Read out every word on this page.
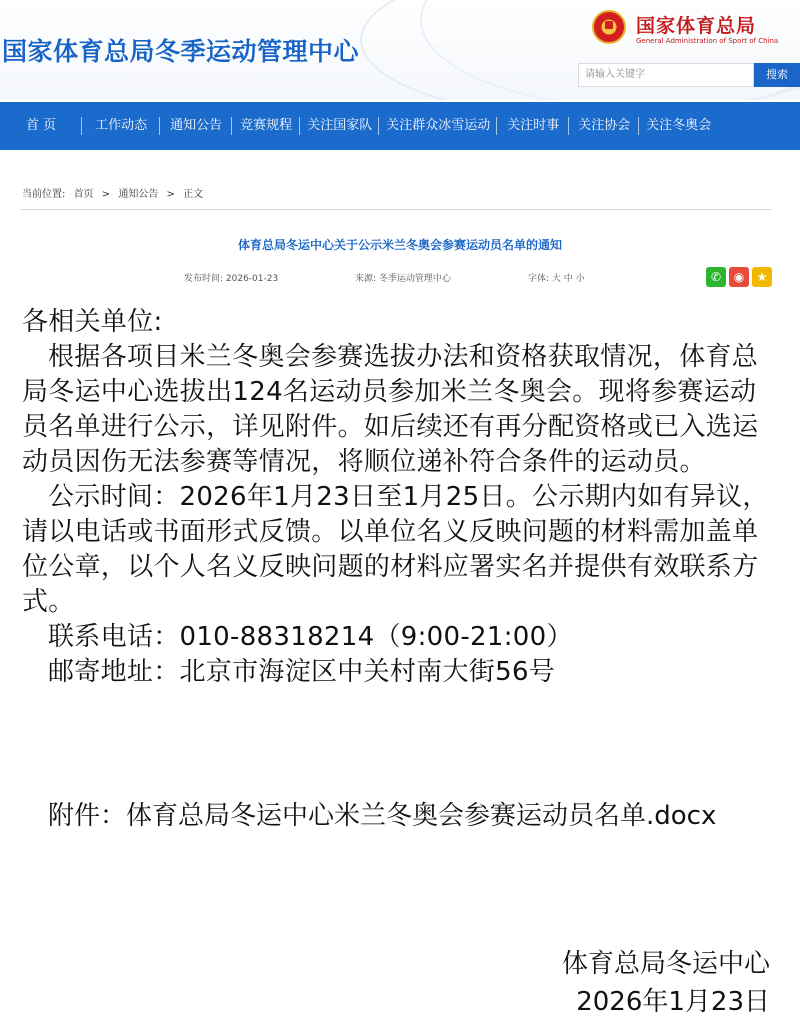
国家体育总局冬季运动管理中心
国家体育总局
General Administration of Sport of China
请输入关键字	搜索
首 页	工作动态	通知公告	竞赛规程	关注国家队	关注群众冰雪运动	关注时事	关注协会	关注冬奥会
当前位置: 首页 > 通知公告 > 正文
体育总局冬运中心关于公示米兰冬奥会参赛运动员名单的通知
发布时间: 2026-01-23	来源: 冬季运动管理中心	字体: 大 中 小	✆	◉	★

各相关单位:

根据各项目米兰冬奥会参赛选拔办法和资格获取情况，体育总局冬运中心选拔出124名运动员参加米兰冬奥会。现将参赛运动员名单进行公示，详见附件。如后续还有再分配资格或已入选运动员因伤无法参赛等情况，将顺位递补符合条件的运动员。

公示时间：2026年1月23日至1月25日。公示期内如有异议，请以电话或书面形式反馈。以单位名义反映问题的材料需加盖单位公章，以个人名义反映问题的材料应署实名并提供有效联系方式。

联系电话：010-88318214（9:00-21:00）

邮寄地址：北京市海淀区中关村南大街56号

附件：体育总局冬运中心米兰冬奥会参赛运动员名单.docx
体育总局冬运中心
2026年1月23日
